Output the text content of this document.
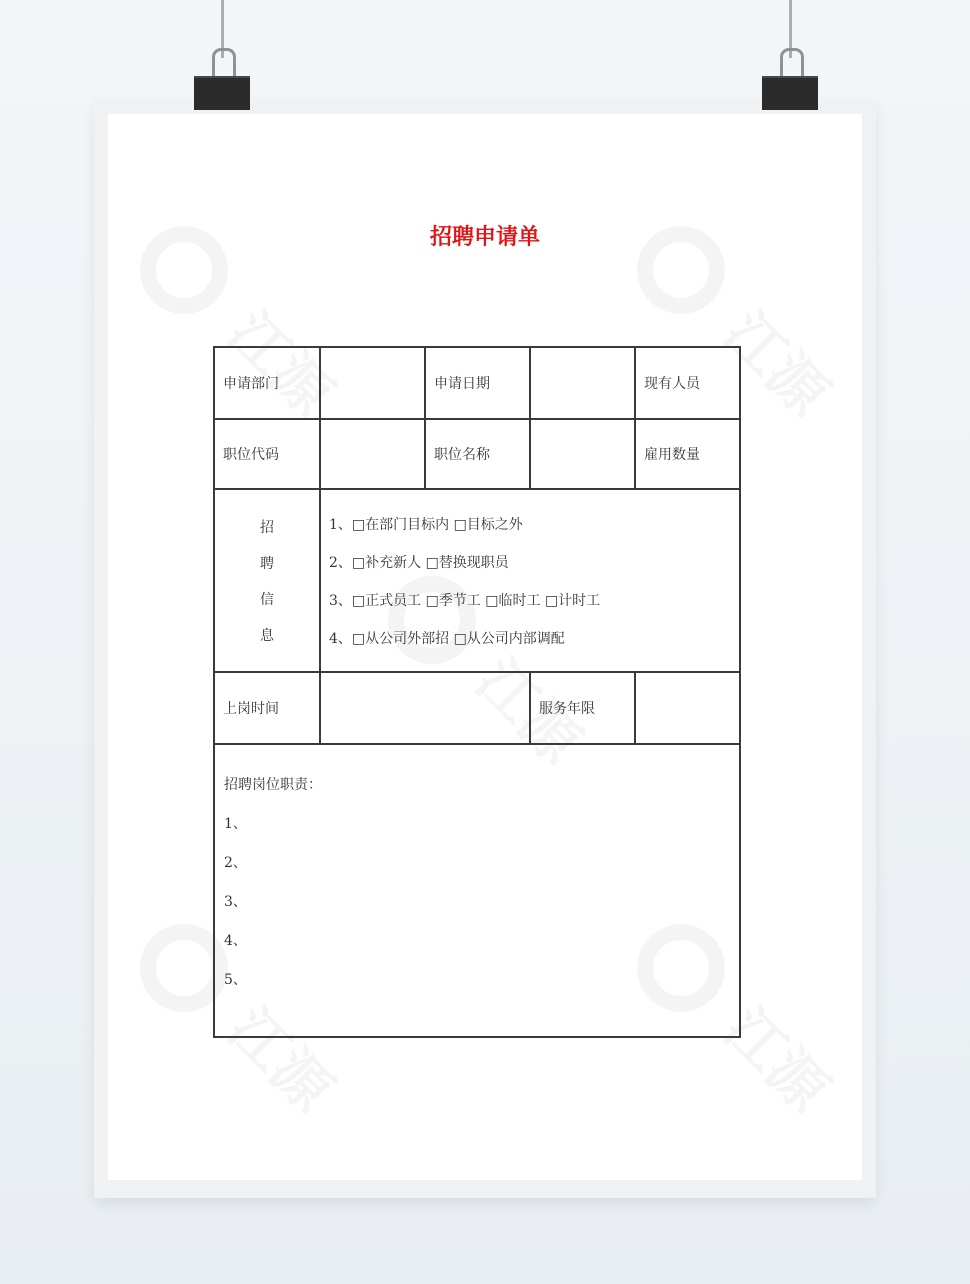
招聘申请单
申请部门	申请日期	现有人员
职位代码	职位名称	雇用数量
招
聘
信
息
1、□在部门目标内 □目标之外
2、□补充新人 □替换现职员
3、□正式员工 □季节工 □临时工 □计时工
4、□从公司外部招 □从公司内部调配
上岗时间	服务年限
招聘岗位职责：
1、
2、
3、
4、
5、
